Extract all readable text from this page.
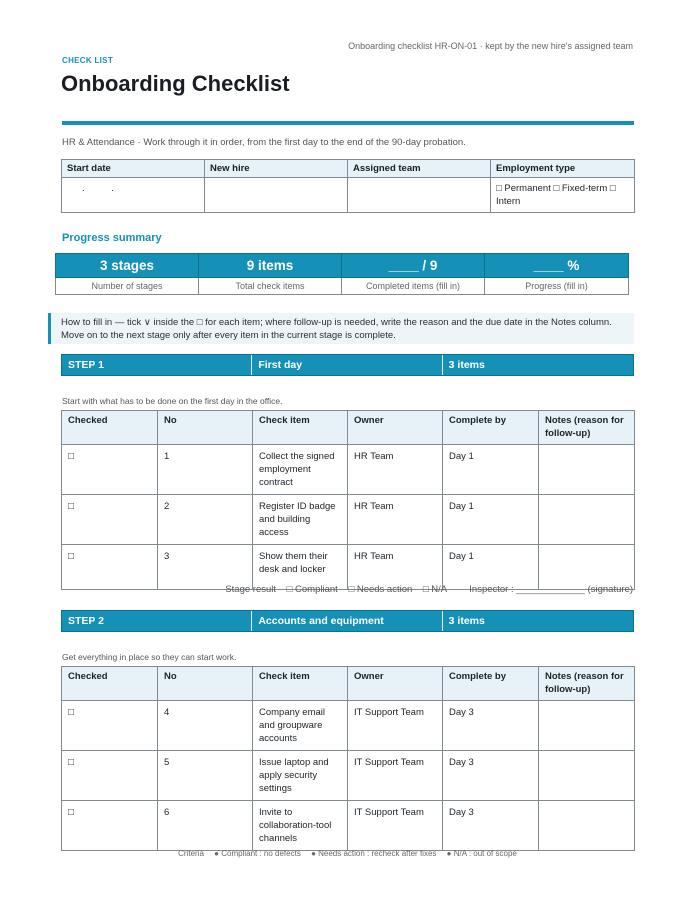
Onboarding checklist HR-ON-01 · kept by the new hire's assigned team
CHECK LIST
Onboarding Checklist
HR & Attendance · Work through it in order, from the first day to the end of the 90-day probation.
Start date	New hire	Assigned team	Employment type
. .			□ Permanent □ Fixed-term □ Intern
Progress summary
3 stages	9 items	____ / 9	____ %
Number of stages	Total check items	Completed items (fill in)	Progress (fill in)
How to fill in — tick ∨ inside the □ for each item; where follow-up is needed, write the reason and the due date in the Notes column. Move on to the next stage only after every item in the current stage is complete.
STEP 1	First day	3 items
Start with what has to be done on the first day in the office.
Checked	No	Check item	Owner	Complete by	Notes (reason for follow-up)
□	1	Collect the signed employment contract	HR Team	Day 1	
□	2	Register ID badge and building access	HR Team	Day 1	
□	3	Show them their desk and locker	HR Team	Day 1	
Stage result □ Compliant □ Needs action □ N/A Inspector : _____________ (signature)
STEP 2	Accounts and equipment	3 items
Get everything in place so they can start work.
Checked	No	Check item	Owner	Complete by	Notes (reason for follow-up)
□	4	Company email and groupware accounts	IT Support Team	Day 3	
□	5	Issue laptop and apply security settings	IT Support Team	Day 3	
□	6	Invite to collaboration-tool channels	IT Support Team	Day 3	
Criteria ● Compliant : no defects ● Needs action : recheck after fixes ● N/A : out of scope
